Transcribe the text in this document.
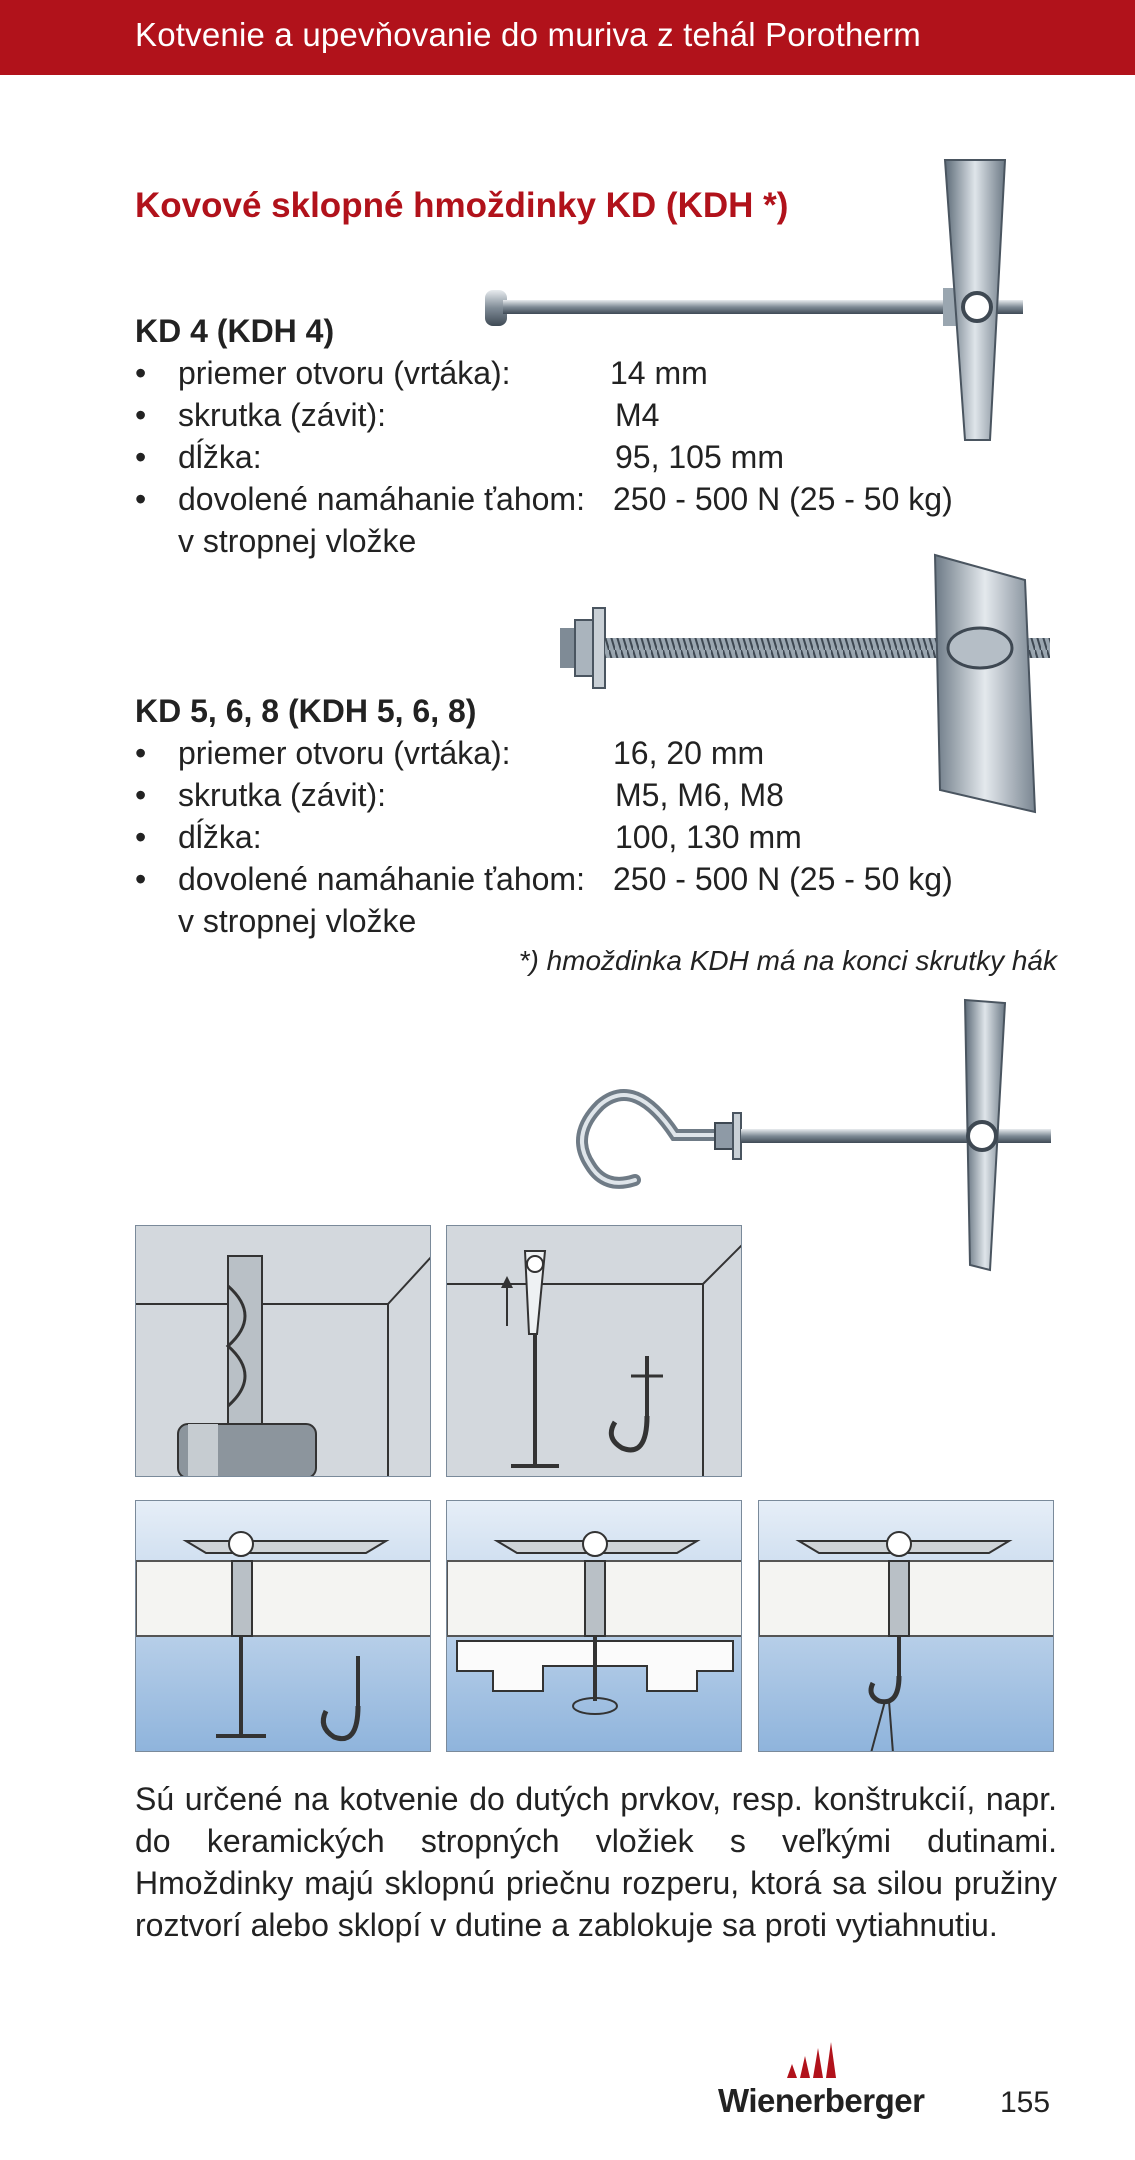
Kotvenie a upevňovanie do muriva z tehál Porotherm
Kovové sklopné hmoždinky KD (KDH *)
KD 4 (KDH 4)
• priemer otvoru (vrtáka):	14 mm
• skrutka (závit):	M4
• dĺžka:	95, 105 mm
• dovolené namáhanie ťahom: 250 - 500 N (25 - 50 kg)
v stropnej vložke
KD 5, 6, 8 (KDH 5, 6, 8)
• priemer otvoru (vrtáka):	16, 20 mm
• skrutka (závit):	M5, M6, M8
• dĺžka:	100, 130 mm
• dovolené namáhanie ťahom: 250 - 500 N (25 - 50 kg)
v stropnej vložke
*) hmoždinka KDH má na konci skrutky hák

Sú určené na kotvenie do dutých prvkov, resp. konštrukcií, napr. do keramických stropných vložiek s veľkými dutinami. Hmoždinky majú sklopnú priečnu rozperu, ktorá sa silou pružiny roztvorí alebo sklopí v dutine a zablokuje sa proti vytiahnutiu.

Wienerberger	155
